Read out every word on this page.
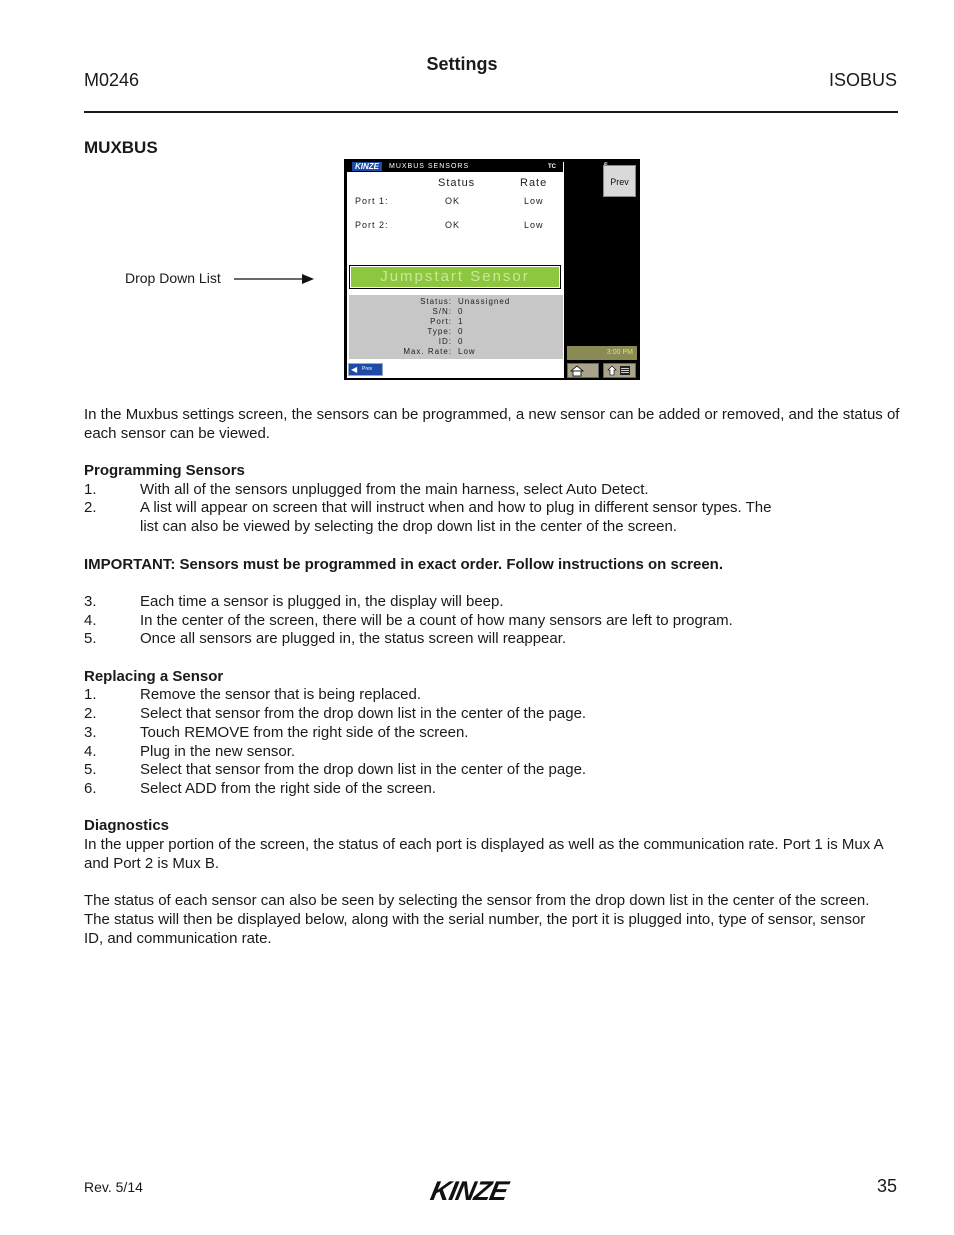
M0246
Settings
ISOBUS
MUXBUS
Drop Down List
KINZE	MUXBUS SENSORS	TC
Status	Rate
Port 1:	OK	Low
Port 2:	OK	Low
Jumpstart Sensor
Status: Unassigned
S/N: 0
Port: 1
Type: 0
ID: 0
Max. Rate: Low
◀ Prev
Prev
3:00 PM
In the Muxbus settings screen, the sensors can be programmed, a new sensor can be added or removed, and the status of each sensor can be viewed.
Programming Sensors
1.	With all of the sensors unplugged from the main harness, select Auto Detect.
2.	A list will appear on screen that will instruct when and how to plug in different sensor types. The list can also be viewed by selecting the drop down list in the center of the screen.
IMPORTANT: Sensors must be programmed in exact order. Follow instructions on screen.
3.	Each time a sensor is plugged in, the display will beep.
4.	In the center of the screen, there will be a count of how many sensors are left to program.
5.	Once all sensors are plugged in, the status screen will reappear.
Replacing a Sensor
1.	Remove the sensor that is being replaced.
2.	Select that sensor from the drop down list in the center of the page.
3.	Touch REMOVE from the right side of the screen.
4.	Plug in the new sensor.
5.	Select that sensor from the drop down list in the center of the page.
6.	Select ADD from the right side of the screen.
Diagnostics
In the upper portion of the screen, the status of each port is displayed as well as the communication rate. Port 1 is Mux A and Port 2 is Mux B.
The status of each sensor can also be seen by selecting the sensor from the drop down list in the center of the screen. The status will then be displayed below, along with the serial number, the port it is plugged into, type of sensor, sensor ID, and communication rate.
Rev. 5/14	KINZE	35
